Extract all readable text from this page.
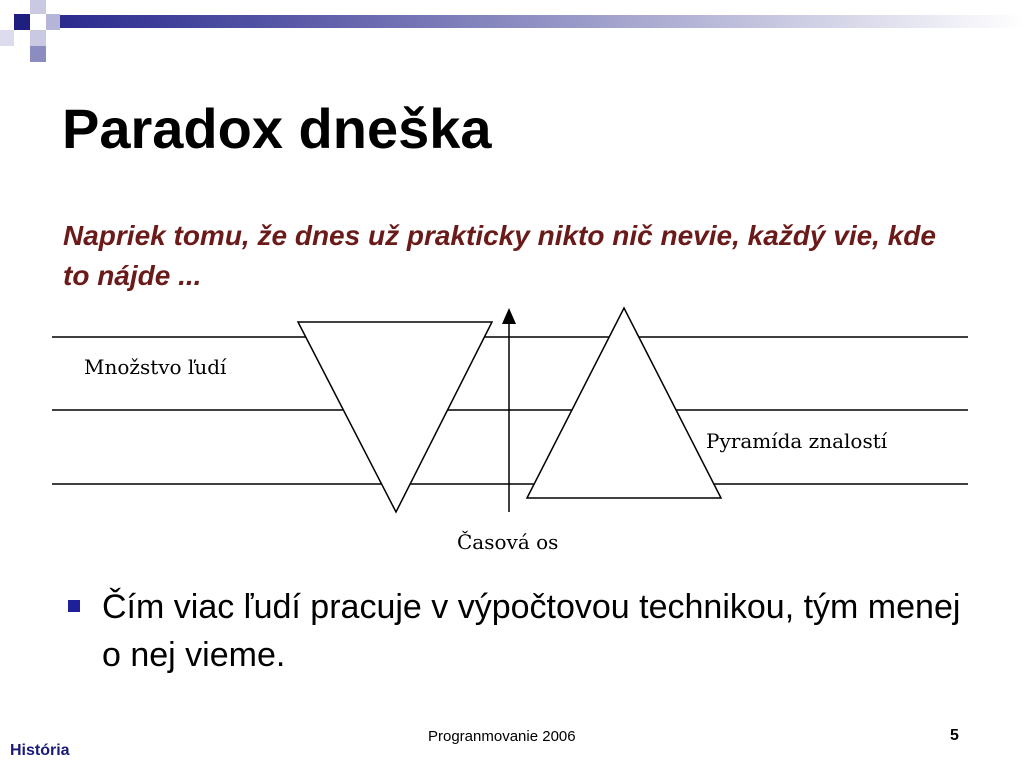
Paradox dneška

Napriek tomu, že dnes už prakticky nikto nič nevie, každý vie, kde to nájde ...

Množstvo ľudí
Pyramída znalostí
Časová os

Čím viac ľudí pracuje v výpočtovou technikou, tým menej o nej vieme.

Progranmovanie 2006	5
História
